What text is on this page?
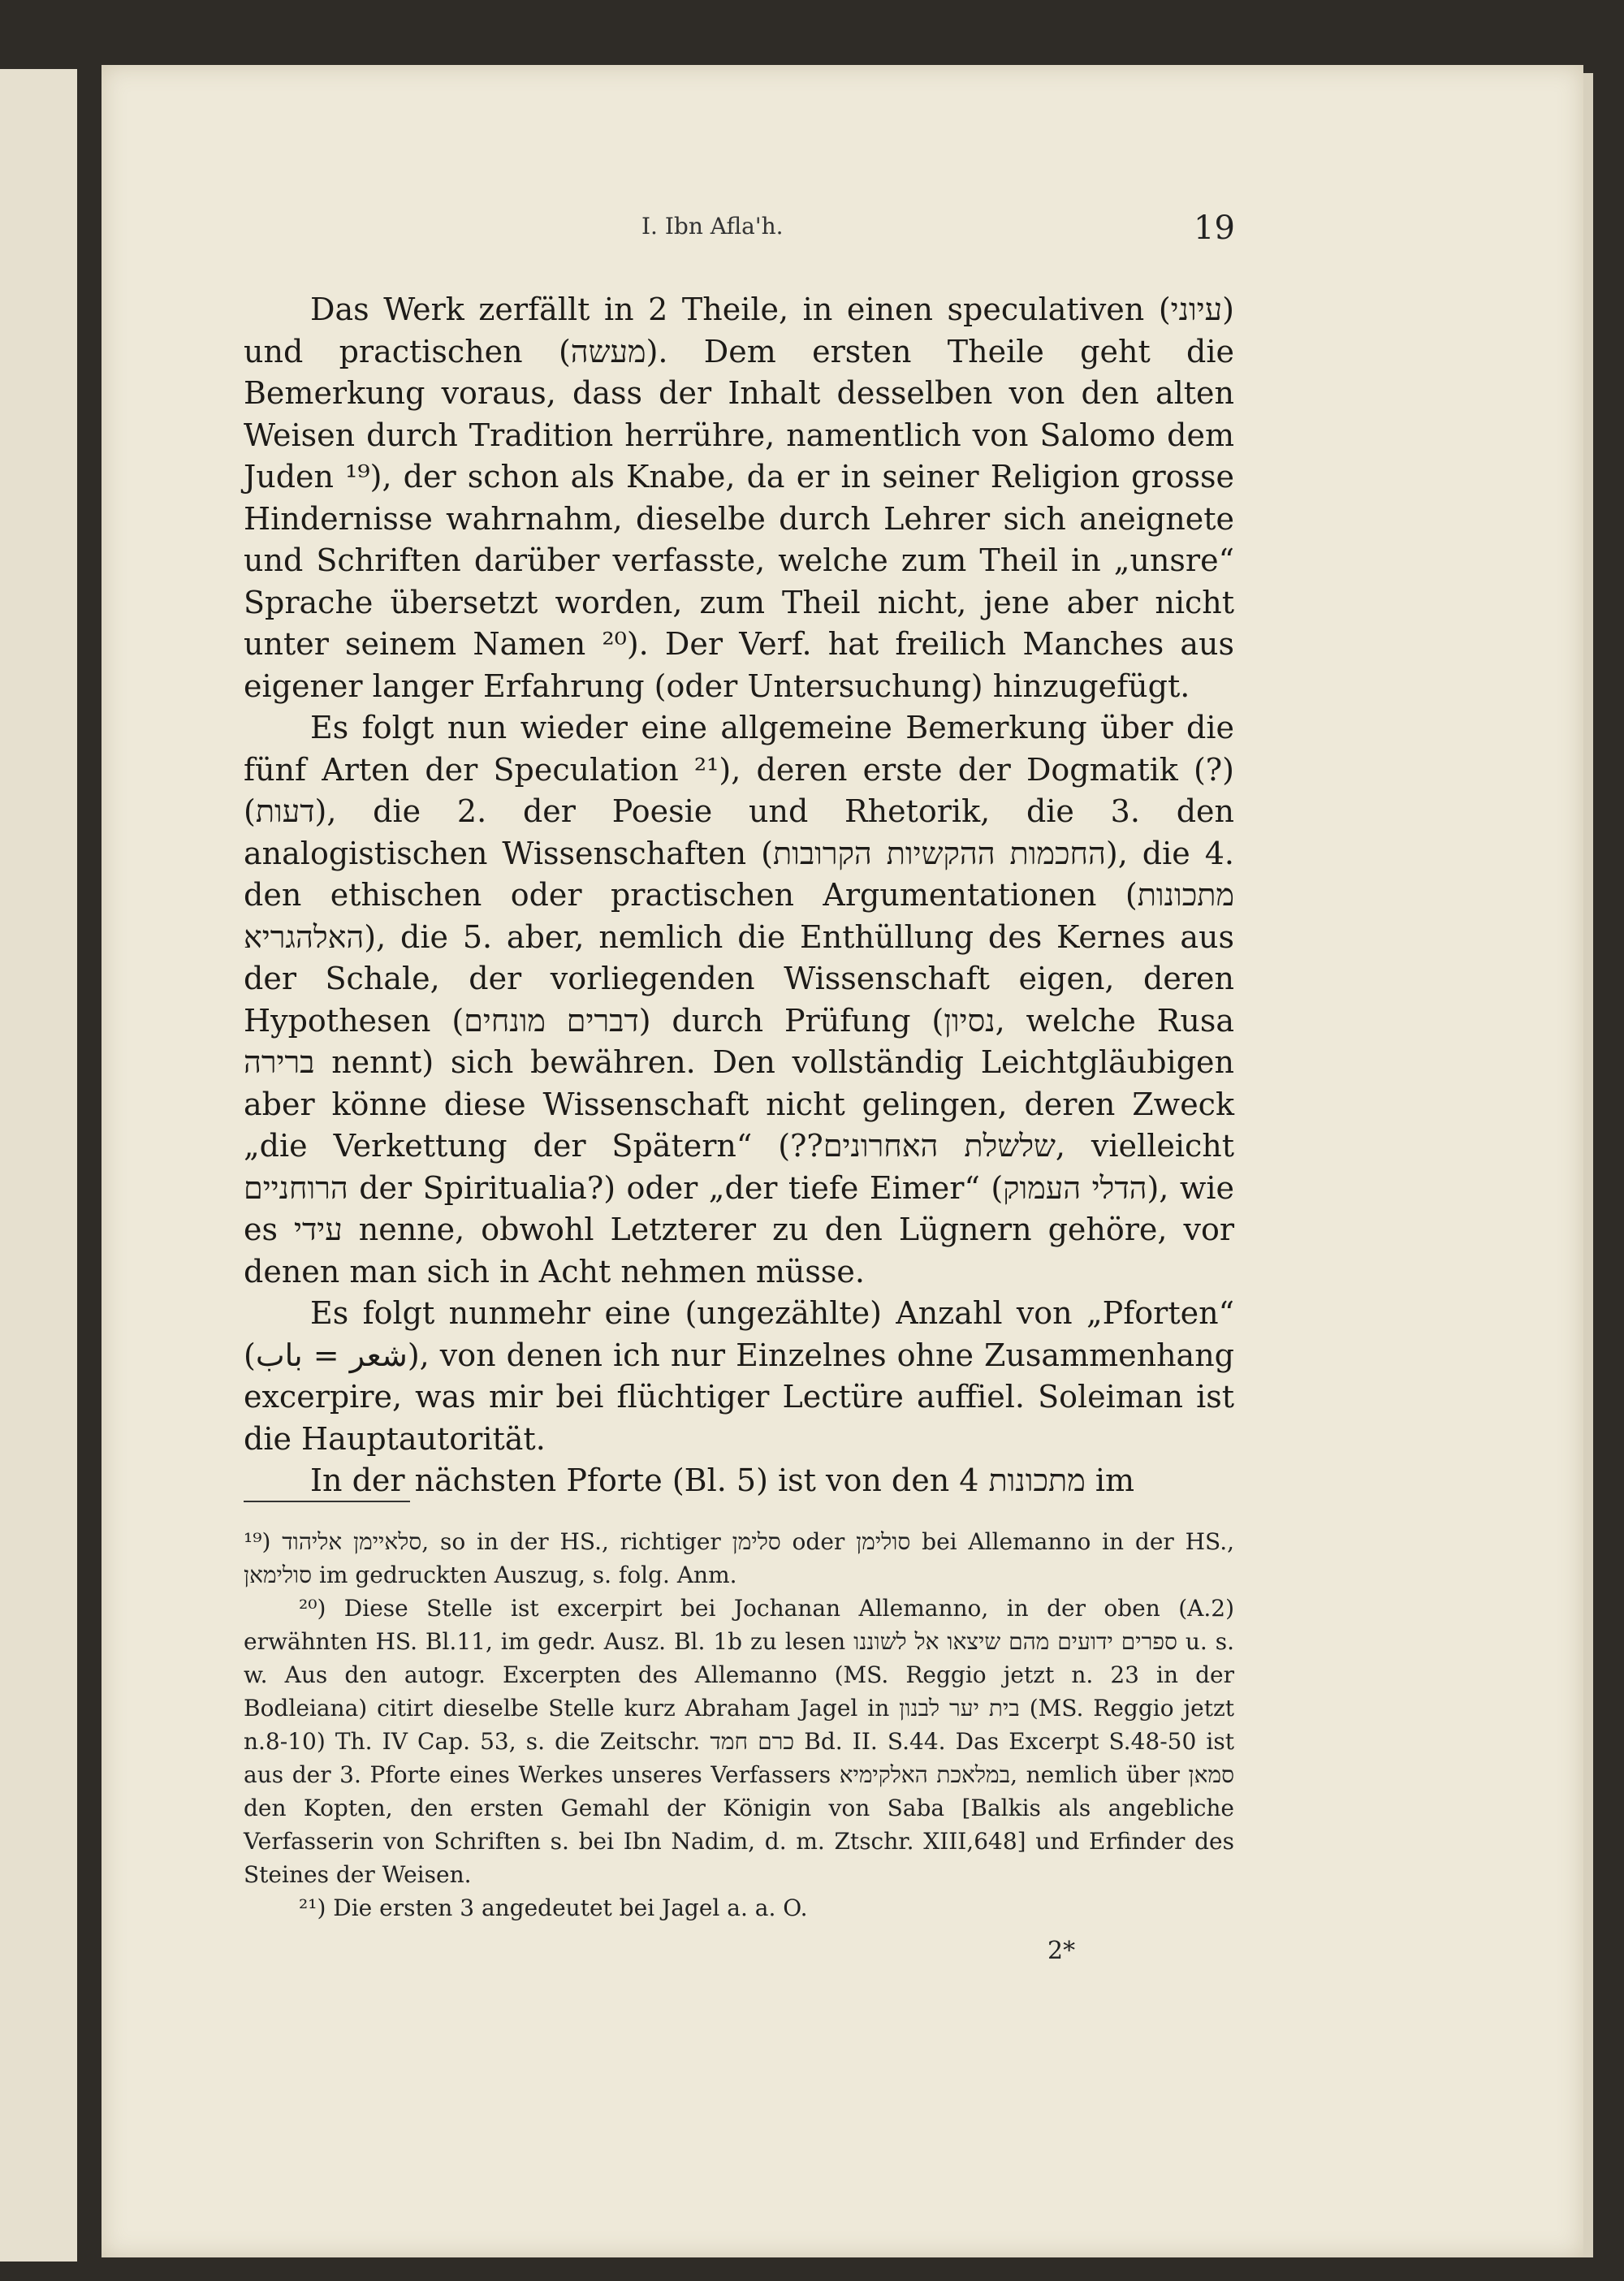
I. Ibn Afla'h.	19

Das Werk zerfällt in 2 Theile, in einen speculativen (עיוני) und practischen (מעשה). Dem ersten Theile geht die Bemerkung voraus, dass der Inhalt desselben von den alten Weisen durch Tradition herrühre, namentlich von Salomo dem Juden ¹⁹), der schon als Knabe, da er in seiner Religion grosse Hindernisse wahrnahm, dieselbe durch Lehrer sich aneignete und Schriften darüber verfasste, welche zum Theil in „unsre“ Sprache übersetzt worden, zum Theil nicht, jene aber nicht unter seinem Namen ²⁰). Der Verf. hat freilich Manches aus eigener langer Erfahrung (oder Untersuchung) hinzugefügt.

Es folgt nun wieder eine allgemeine Bemerkung über die fünf Arten der Speculation ²¹), deren erste der Dogmatik (?) (דעות), die 2. der Poesie und Rhetorik, die 3. den analogistischen Wissenschaften (החכמות ההקשיות הקרובות), die 4. den ethischen oder practischen Argumentationen (מתכונות האלהגריא), die 5. aber, nemlich die Enthüllung des Kernes aus der Schale, der vorliegenden Wissenschaft eigen, deren Hypothesen (דברים מונחים) durch Prüfung (נסיון, welche Rusa ברירה nennt) sich bewähren. Den vollständig Leichtgläubigen aber könne diese Wissenschaft nicht gelingen, deren Zweck „die Verkettung der Spätern“ (??שלשלת האחרונים, vielleicht הרוחניים der Spiritualia?) oder „der tiefe Eimer“ (הדלי העמוק), wie es עידי nenne, obwohl Letzterer zu den Lügnern gehöre, vor denen man sich in Acht nehmen müsse.

Es folgt nunmehr eine (ungezählte) Anzahl von „Pforten“ (شعر = باب), von denen ich nur Einzelnes ohne Zusammenhang excerpire, was mir bei flüchtiger Lectüre auffiel. Soleiman ist die Hauptautorität.

In der nächsten Pforte (Bl. 5) ist von den 4 מתכונות im

¹⁹) סלאיימן אליהוד, so in der HS., richtiger סלימן oder סולימן bei Allemanno in der HS., סולימאן im gedruckten Auszug, s. folg. Anm.

²⁰) Diese Stelle ist excerpirt bei Jochanan Allemanno, in der oben (A.2) erwähnten HS. Bl.11, im gedr. Ausz. Bl. 1b zu lesen ספרים ידועים מהם שיצאו אל לשוננו u. s. w. Aus den autogr. Excerpten des Allemanno (MS. Reggio jetzt n. 23 in der Bodleiana) citirt dieselbe Stelle kurz Abraham Jagel in בית יער לבנון (MS. Reggio jetzt n.8-10) Th. IV Cap. 53, s. die Zeitschr. כרם חמד Bd. II. S.44. Das Excerpt S.48-50 ist aus der 3. Pforte eines Werkes unseres Verfassers במלאכת האלקימיא, nemlich über סמאן den Kopten, den ersten Gemahl der Königin von Saba [Balkis als angebliche Verfasserin von Schriften s. bei Ibn Nadim, d. m. Ztschr. XIII,648] und Erfinder des Steines der Weisen.

²¹) Die ersten 3 angedeutet bei Jagel a. a. O.

2*
